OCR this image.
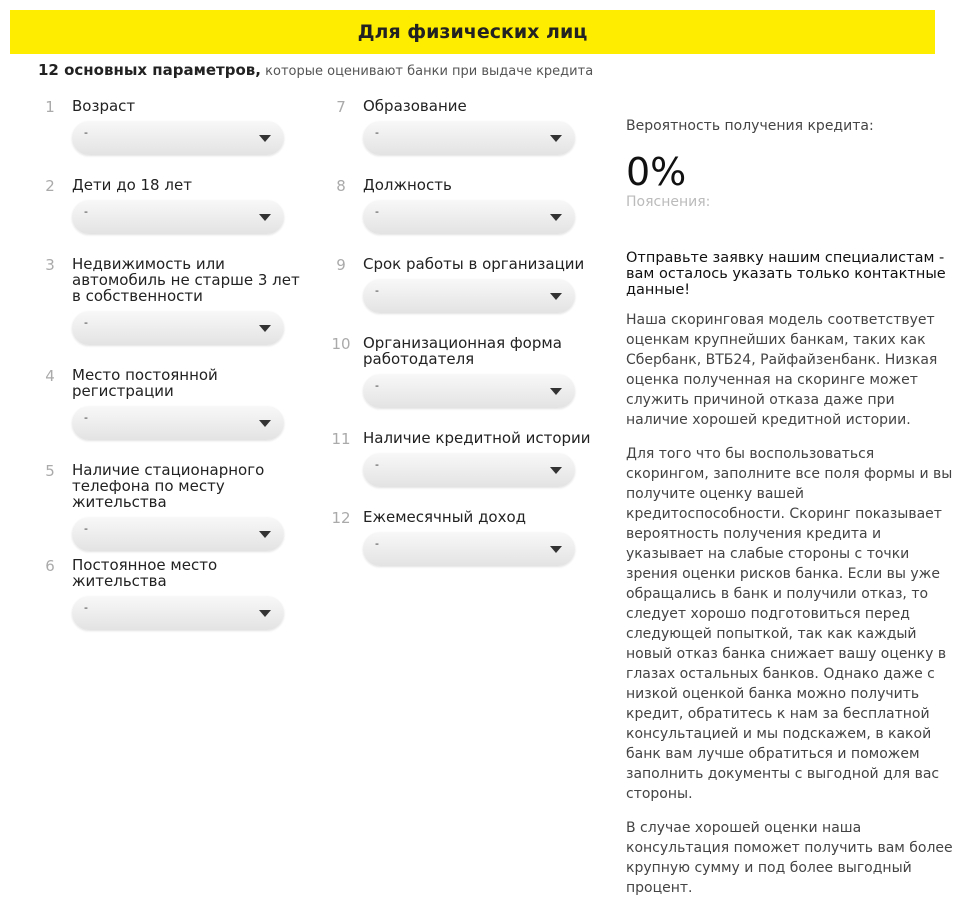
Для физических лиц
12 основных параметров, которые оценивают банки при выдаче кредита
1	Возраст
-
2	Дети до 18 лет
-
3	Недвижимость или автомобиль не старше 3 лет в собственности
-
4	Место постоянной регистрации
-
5	Наличие стационарного телефона по месту жительства
-
6	Постоянное место жительства
-
7	Образование
-
8	Должность
-
9	Срок работы в организации
-
10 Организационная форма работодателя
-
11 Наличие кредитной истории
-
12 Ежемесячный доход
-
Вероятность получения кредита:
0%
Пояснения:
Отправьте заявку нашим специалистам - вам осталось указать только контактные данные!
Наша скоринговая модель соответствует оценкам крупнейших банкам, таких как Сбербанк, ВТБ24, Райфайзенбанк. Низкая оценка полученная на скоринге может служить причиной отказа даже при наличие хорошей кредитной истории.
Для того что бы воспользоваться скорингом, заполните все поля формы и вы получите оценку вашей кредитоспособности. Скоринг показывает вероятность получения кредита и указывает на слабые стороны с точки зрения оценки рисков банка. Если вы уже обращались в банк и получили отказ, то следует хорошо подготовиться перед следующей попыткой, так как каждый новый отказ банка снижает вашу оценку в глазах остальных банков. Однако даже с низкой оценкой банка можно получить кредит, обратитесь к нам за бесплатной консультацией и мы подскажем, в какой банк вам лучше обратиться и поможем заполнить документы с выгодной для вас стороны.
В случае хорошей оценки наша консультация поможет получить вам более крупную сумму и под более выгодный процент.
